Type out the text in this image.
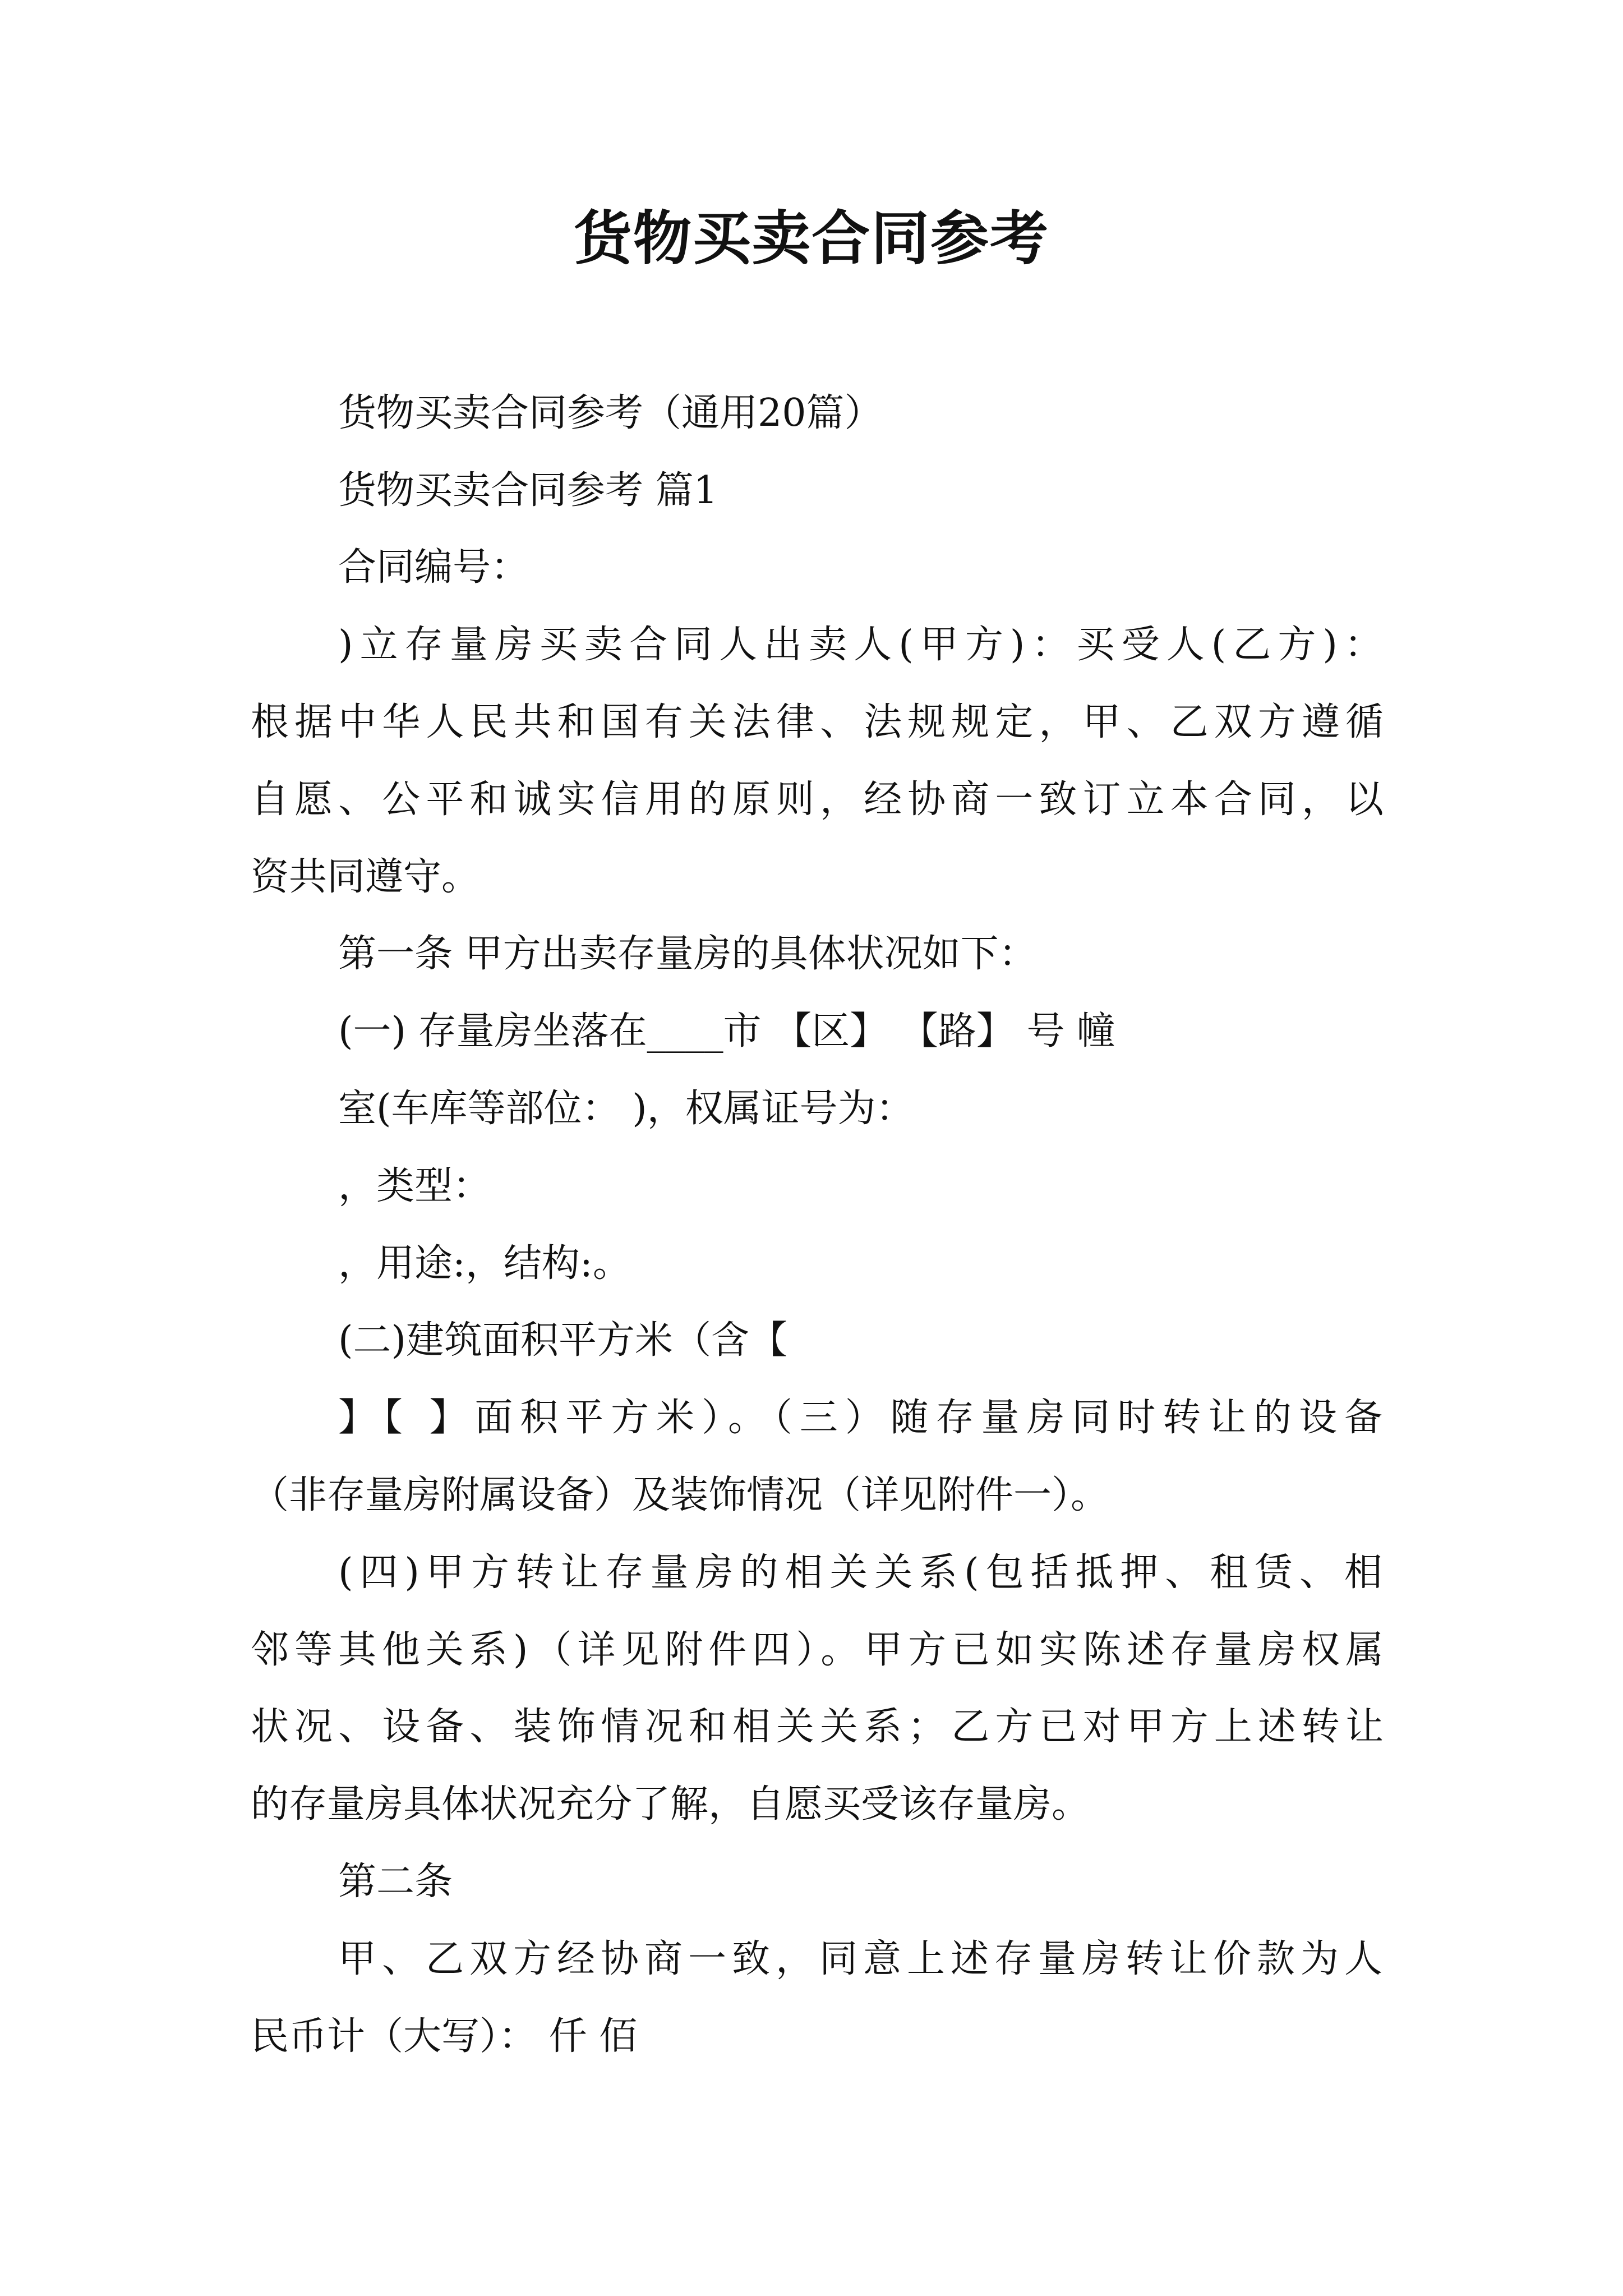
货物买卖合同参考
货物买卖合同参考（通用20篇）
货物买卖合同参考 篇1
合同编号：
)立存量房买卖合同人出卖人(甲方)：买受人(乙方)：
根据中华人民共和国有关法律、法规规定，甲、乙双方遵循
自愿、公平和诚实信用的原则，经协商一致订立本合同，以
资共同遵守。
第一条 甲方出卖存量房的具体状况如下：
(一) 存量房坐落在____市 【区】 【路】 号 幢
室(车库等部位： )，权属证号为：
，类型：
，用途:，结构:。
(二)建筑面积平方米（含【
】【 】面积平方米）。（三）随存量房同时转让的设备
（非存量房附属设备）及装饰情况（详见附件一）。
(四)甲方转让存量房的相关关系(包括抵押、租赁、相
邻等其他关系)（详见附件四）。甲方已如实陈述存量房权属
状况、设备、装饰情况和相关关系；乙方已对甲方上述转让
的存量房具体状况充分了解，自愿买受该存量房。
第二条
甲、乙双方经协商一致，同意上述存量房转让价款为人
民币计（大写）： 仟 佰
